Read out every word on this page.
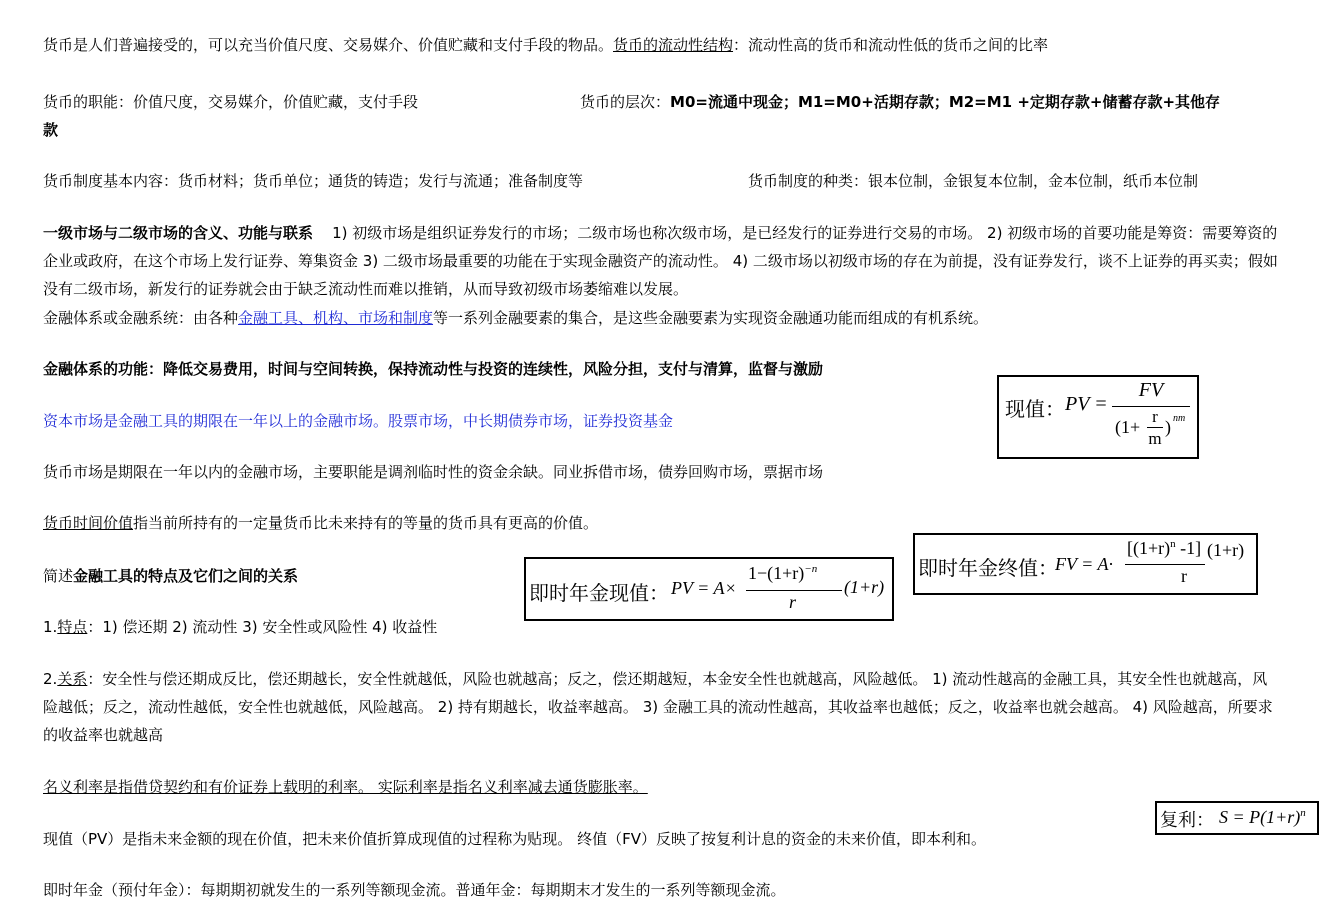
货币是人们普遍接受的，可以充当价值尺度、交易媒介、价值贮藏和支付手段的物品。货币的流动性结构：流动性高的货币和流动性低的货币之间的比率
货币的职能：价值尺度，交易媒介，价值贮藏，支付手段	货币的层次：M0=流通中现金；M1=M0+活期存款；M2=M1 +定期存款+储蓄存款+其他存
款
货币制度基本内容：货币材料；货币单位；通货的铸造；发行与流通；准备制度等	货币制度的种类：银本位制，金银复本位制，金本位制，纸币本位制
一级市场与二级市场的含义、功能与联系 1) 初级市场是组织证券发行的市场；二级市场也称次级市场，是已经发行的证券进行交易的市场。 2) 初级市场的首要功能是筹资：需要筹资的企业或政府，在这个市场上发行证券、筹集资金 3) 二级市场最重要的功能在于实现金融资产的流动性。 4) 二级市场以初级市场的存在为前提，没有证券发行，谈不上证券的再买卖；假如没有二级市场，新发行的证券就会由于缺乏流动性而难以推销，从而导致初级市场萎缩难以发展。
金融体系或金融系统：由各种金融工具、机构、市场和制度等一系列金融要素的集合，是这些金融要素为实现资金融通功能而组成的有机系统。
金融体系的功能：降低交易费用，时间与空间转换，保持流动性与投资的连续性，风险分担，支付与清算，监督与激励
资本市场是金融工具的期限在一年以上的金融市场。股票市场，中长期债券市场，证券投资基金
货币市场是期限在一年以内的金融市场，主要职能是调剂临时性的资金余缺。同业拆借市场，债券回购市场，票据市场
货币时间价值指当前所持有的一定量货币比未来持有的等量的货币具有更高的价值。
简述金融工具的特点及它们之间的关系
1.特点：1) 偿还期 2) 流动性 3) 安全性或风险性 4) 收益性
2.关系：安全性与偿还期成反比，偿还期越长，安全性就越低，风险也就越高；反之，偿还期越短，本金安全性也就越高，风险越低。 1) 流动性越高的金融工具，其安全性也就越高，风险越低；反之，流动性越低，安全性也就越低，风险越高。 2) 持有期越长，收益率越高。 3) 金融工具的流动性越高，其收益率也越低；反之，收益率也就会越高。 4) 风险越高，所要求的收益率也就越高
名义利率是指借贷契约和有价证券上载明的利率。 实际利率是指名义利率减去通货膨胀率。
现值（PV）是指未来金额的现在价值，把未来价值折算成现值的过程称为贴现。 终值（FV）反映了按复利计息的资金的未来价值，即本利和。
即时年金（预付年金）：每期期初就发生的一系列等额现金流。普通年金：每期期末才发生的一系列等额现金流。
现值： PV =
FV
(1+
r
m
) nm
即时年金终值：
FV = A·
[$(1+r)^n$ -1]
r
(1+r)
即时年金现值： PV = A×
$1-(1+r)^{-n}$
r
(1+r)
复利： $S = P(1+r)^n$
